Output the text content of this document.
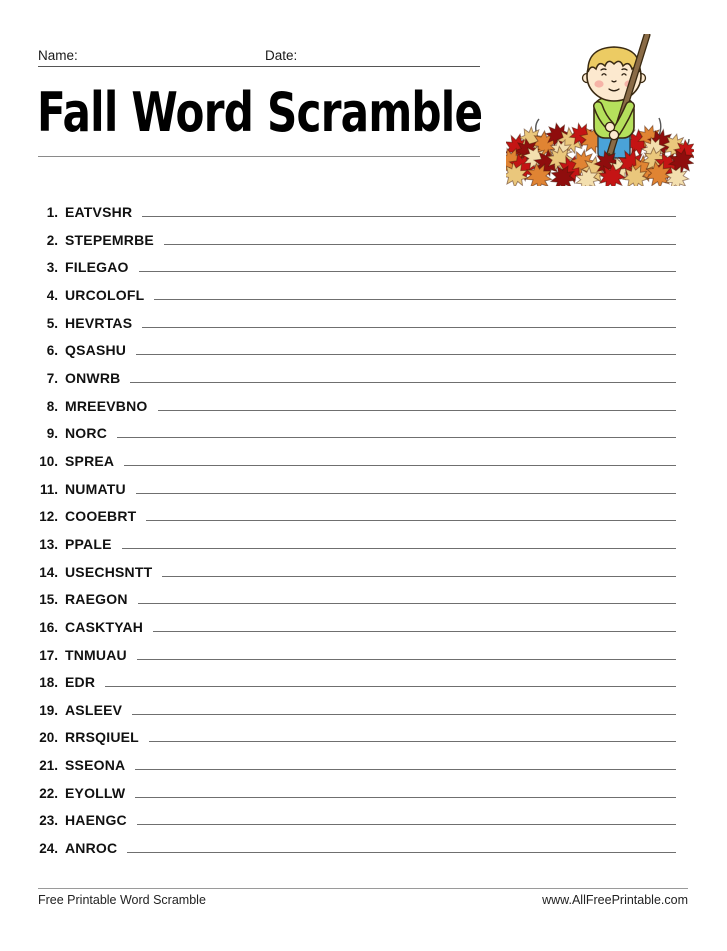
Name:	Date:
Fall Word Scramble
1. EATVSHR
2. STEPEMRBE
3. FILEGAO
4. URCOLOFL
5. HEVRTAS
6. QSASHU
7. ONWRB
8. MREEVBNO
9. NORC
10. SPREA
11. NUMATU
12. COOEBRT
13. PPALE
14. USECHSNTT
15. RAEGON
16. CASKTYAH
17. TNMUAU
18. EDR
19. ASLEEV
20. RRSQIUEL
21. SSEONA
22. EYOLLW
23. HAENGC
24. ANROC
Free Printable Word Scramble	www.AllFreePrintable.com
